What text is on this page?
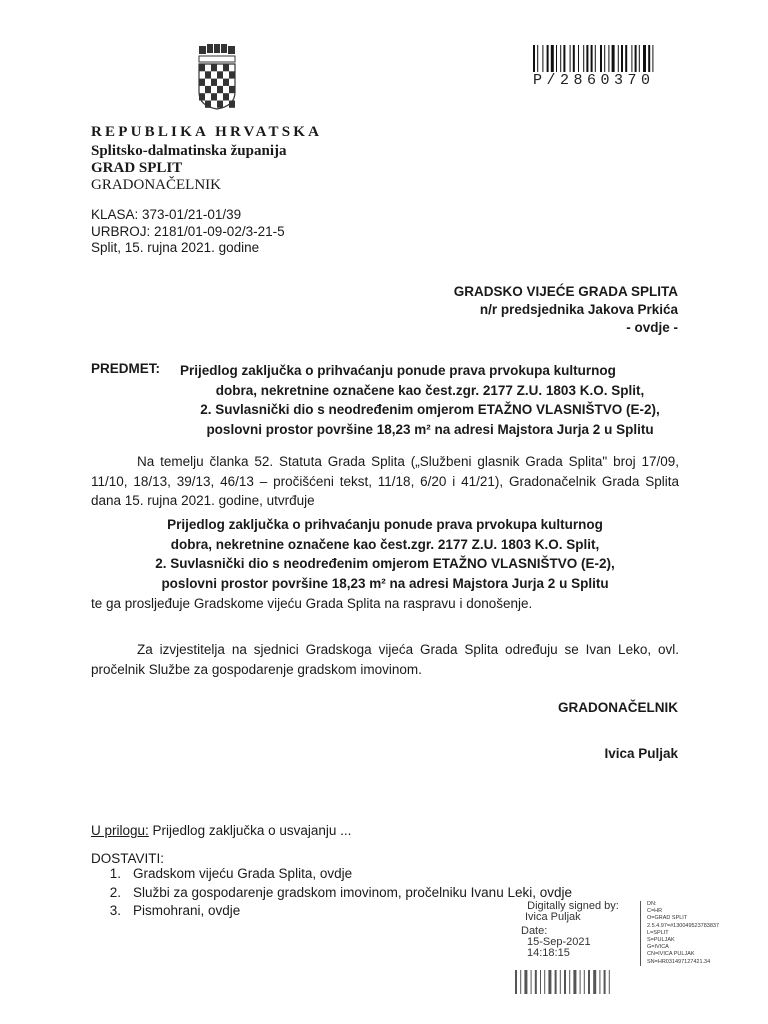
P/2860370
REPUBLIKA HRVATSKA
Splitsko-dalmatinska županija
GRAD SPLIT
GRADONAČELNIK
KLASA: 373-01/21-01/39
URBROJ: 2181/01-09-02/3-21-5
Split, 15. rujna 2021. godine
GRADSKO VIJEĆE GRADA SPLITA
n/r predsjednika Jakova Prkića
- ovdje -
PREDMET: Prijedlog zaključka o prihvaćanju ponude prava prvokupa kulturnog
dobra, nekretnine označene kao čest.zgr. 2177 Z.U. 1803 K.O. Split,
2. Suvlasnički dio s neodređenim omjerom ETAŽNO VLASNIŠTVO (E-2),
poslovni prostor površine 18,23 m² na adresi Majstora Jurja 2 u Splitu
Na temelju članka 52. Statuta Grada Splita („Službeni glasnik Grada Splita" broj 17/09, 11/10, 18/13, 39/13, 46/13 – pročišćeni tekst, 11/18, 6/20 i 41/21), Gradonačelnik Grada Splita dana 15. rujna 2021. godine, utvrđuje
Prijedlog zaključka o prihvaćanju ponude prava prvokupa kulturnog
dobra, nekretnine označene kao čest.zgr. 2177 Z.U. 1803 K.O. Split,
2. Suvlasnički dio s neodređenim omjerom ETAŽNO VLASNIŠTVO (E-2),
poslovni prostor površine 18,23 m² na adresi Majstora Jurja 2 u Splitu
te ga prosljeđuje Gradskome vijeću Grada Splita na raspravu i donošenje.
Za izvjestitelja na sjednici Gradskoga vijeća Grada Splita određuju se Ivan Leko, ovl. pročelnik Službe za gospodarenje gradskom imovinom.
GRADONAČELNIK
Ivica Puljak
U prilogu: Prijedlog zaključka o usvajanju ...
DOSTAVITI:
1. Gradskom vijeću Grada Splita, ovdje
2. Službi za gospodarenje gradskom imovinom, pročelniku Ivanu Leki, ovdje
3. Pismohrani, ovdje	Digitally signed by:
Ivica Puljak
Date:
15-Sep-2021
14:18:15
DN:
C=HR
O=GRAD SPLIT
2.5.4.97=#130049523783837
L=SPLIT
S=PULJAK
G=IVICA
CN=IVICA PULJAK
SN=HR031497127421.34
